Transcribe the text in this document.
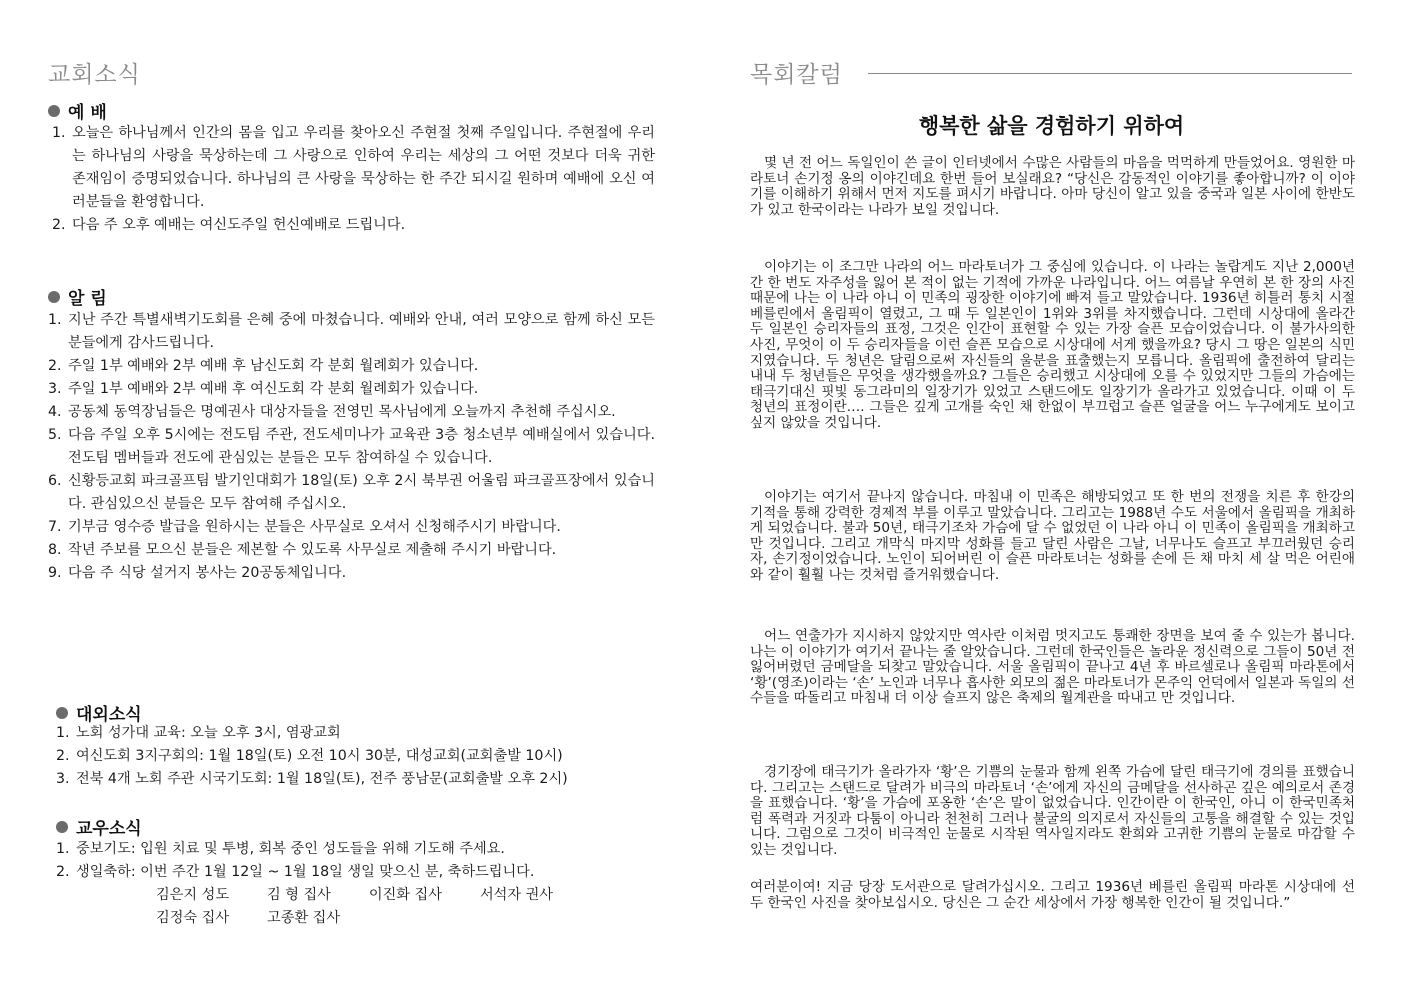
교회소식
예 배
1. 오늘은 하나님께서 인간의 몸을 입고 우리를 찾아오신 주현절 첫째 주일입니다. 주현절에 우리는 하나님의 사랑을 묵상하는데 그 사랑으로 인하여 우리는 세상의 그 어떤 것보다 더욱 귀한 존재임이 증명되었습니다. 하나님의 큰 사랑을 묵상하는 한 주간 되시길 원하며 예배에 오신 여러분들을 환영합니다.
2. 다음 주 오후 예배는 여신도주일 헌신예배로 드립니다.
알 림
1. 지난 주간 특별새벽기도회를 은혜 중에 마쳤습니다. 예배와 안내, 여러 모양으로 함께 하신 모든 분들에게 감사드립니다.
2. 주일 1부 예배와 2부 예배 후 남신도회 각 분회 월례회가 있습니다.
3. 주일 1부 예배와 2부 예배 후 여신도회 각 분회 월례회가 있습니다.
4. 공동체 동역장님들은 명예권사 대상자들을 전영민 목사님에게 오늘까지 추천해 주십시오.
5. 다음 주일 오후 5시에는 전도팀 주관, 전도세미나가 교육관 3층 청소년부 예배실에서 있습니다. 전도팀 멤버들과 전도에 관심있는 분들은 모두 참여하실 수 있습니다.
6. 신황등교회 파크골프팀 발기인대회가 18일(토) 오후 2시 북부권 어울림 파크골프장에서 있습니다. 관심있으신 분들은 모두 참여해 주십시오.
7. 기부금 영수증 발급을 원하시는 분들은 사무실로 오셔서 신청해주시기 바랍니다.
8. 작년 주보를 모으신 분들은 제본할 수 있도록 사무실로 제출해 주시기 바랍니다.
9. 다음 주 식당 설거지 봉사는 20공동체입니다.
대외소식
1. 노회 성가대 교육: 오늘 오후 3시, 염광교회
2. 여신도회 3지구회의: 1월 18일(토) 오전 10시 30분, 대성교회(교회출발 10시)
3. 전북 4개 노회 주관 시국기도회: 1월 18일(토), 전주 풍남문(교회출발 오후 2시)
교우소식
1. 중보기도: 입원 치료 및 투병, 회복 중인 성도들을 위해 기도해 주세요.
2. 생일축하: 이번 주간 1월 12일 ~ 1월 18일 생일 맞으신 분, 축하드립니다.
김은지 성도	김 형 집사	이진화 집사	서석자 권사
김정숙 집사	고종환 집사
목회칼럼
행복한 삶을 경험하기 위하여

몇 년 전 어느 독일인이 쓴 글이 인터넷에서 수많은 사람들의 마음을 먹먹하게 만들었어요. 영원한 마라토너 손기정 옹의 이야긴데요 한번 들어 보실래요? “당신은 감동적인 이야기를 좋아합니까? 이 이야기를 이해하기 위해서 먼저 지도를 펴시기 바랍니다. 아마 당신이 알고 있을 중국과 일본 사이에 한반도가 있고 한국이라는 나라가 보일 것입니다.

이야기는 이 조그만 나라의 어느 마라토너가 그 중심에 있습니다. 이 나라는 놀랍게도 지난 2,000년간 한 번도 자주성을 잃어 본 적이 없는 기적에 가까운 나라입니다. 어느 여름날 우연히 본 한 장의 사진 때문에 나는 이 나라 아니 이 민족의 굉장한 이야기에 빠져 들고 말았습니다. 1936년 히틀러 통치 시절 베를린에서 올림픽이 열렸고, 그 때 두 일본인이 1위와 3위를 차지했습니다. 그런데 시상대에 올라간 두 일본인 승리자들의 표정, 그것은 인간이 표현할 수 있는 가장 슬픈 모습이었습니다. 이 불가사의한 사진, 무엇이 이 두 승리자들을 이런 슬픈 모습으로 시상대에 서게 했을까요? 당시 그 땅은 일본의 식민지였습니다. 두 청년은 달림으로써 자신들의 울분을 표출했는지 모릅니다. 올림픽에 출전하여 달리는 내내 두 청년들은 무엇을 생각했을까요? 그들은 승리했고 시상대에 오를 수 있었지만 그들의 가슴에는 태극기대신 핏빛 동그라미의 일장기가 있었고 스탠드에도 일장기가 올라가고 있었습니다. 이때 이 두 청년의 표정이란…. 그들은 깊게 고개를 숙인 채 한없이 부끄럽고 슬픈 얼굴을 어느 누구에게도 보이고 싶지 않았을 것입니다.

이야기는 여기서 끝나지 않습니다. 마침내 이 민족은 해방되었고 또 한 번의 전쟁을 치른 후 한강의 기적을 통해 강력한 경제적 부를 이루고 말았습니다. 그리고는 1988년 수도 서울에서 올림픽을 개최하게 되었습니다. 불과 50년, 태극기조차 가슴에 달 수 없었던 이 나라 아니 이 민족이 올림픽을 개최하고만 것입니다. 그리고 개막식 마지막 성화를 들고 달린 사람은 그날, 너무나도 슬프고 부끄러웠던 승리자, 손기정이었습니다. 노인이 되어버린 이 슬픈 마라토너는 성화를 손에 든 채 마치 세 살 먹은 어린애와 같이 훨훨 나는 것처럼 즐거워했습니다.

어느 연출가가 지시하지 않았지만 역사란 이처럼 멋지고도 통쾌한 장면을 보여 줄 수 있는가 봅니다. 나는 이 이야기가 여기서 끝나는 줄 알았습니다. 그런데 한국인들은 놀라운 정신력으로 그들이 50년 전 잃어버렸던 금메달을 되찾고 말았습니다. 서울 올림픽이 끝나고 4년 후 바르셀로나 올림픽 마라톤에서 ‘황’(영조)이라는 ‘손’ 노인과 너무나 흡사한 외모의 젊은 마라토너가 몬주익 언덕에서 일본과 독일의 선수들을 따돌리고 마침내 더 이상 슬프지 않은 축제의 월계관을 따내고 만 것입니다.

경기장에 태극기가 올라가자 ‘황’은 기쁨의 눈물과 함께 왼쪽 가슴에 달린 태극기에 경의를 표했습니다. 그리고는 스탠드로 달려가 비극의 마라토너 ‘손’에게 자신의 금메달을 선사하곤 깊은 예의로서 존경을 표했습니다. ‘황’을 가슴에 포옹한 ‘손’은 말이 없었습니다. 인간이란 이 한국인, 아니 이 한국민족처럼 폭력과 거짓과 다툼이 아니라 천천히 그러나 불굴의 의지로서 자신들의 고통을 해결할 수 있는 것입니다. 그럼으로 그것이 비극적인 눈물로 시작된 역사일지라도 환희와 고귀한 기쁨의 눈물로 마감할 수 있는 것입니다.

여러분이여! 지금 당장 도서관으로 달려가십시오. 그리고 1936년 베를린 올림픽 마라톤 시상대에 선 두 한국인 사진을 찾아보십시오. 당신은 그 순간 세상에서 가장 행복한 인간이 될 것입니다.”
